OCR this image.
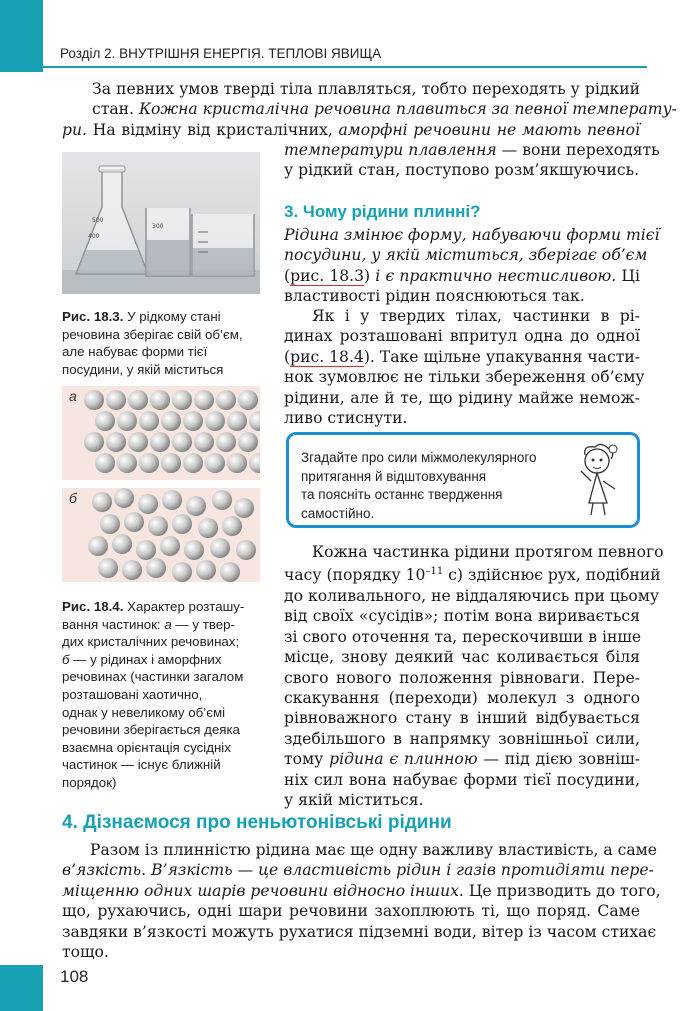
Розділ 2. ВНУТРІШНЯ ЕНЕРГІЯ. ТЕПЛОВІ ЯВИЩА
За певних умов тверді тіла плавляться, тобто переходять у рідкий
стан. Кожна кристалічна речовина плавиться за певної температу-
ри. На відміну від кристалічних, аморфні речовини не мають певної
температури плавлення — вони переходять
у рідкий стан, поступово розм’якшуючись.
500
400
300
Рис. 18.3. У рідкому стані
речовина зберігає свій об’єм,
але набуває форми тієї
посудини, у якій міститься
3. Чому рідини плинні?
Рідина змінює форму, набуваючи форми тієї
посудини, у якій міститься, зберігає об’єм
(рис. 18.3) і є практично нестисливою. Ці
властивості рідин пояснюються так.
Як і у твердих тілах, частинки в рі-
динах розташовані впритул одна до одної
(рис. 18.4). Таке щільне упакування части-
нок зумовлює не тільки збереження об’єму
рідини, але й те, що рідину майже немож-
ливо стиснути.
а
б
Рис. 18.4. Характер розташу-
вання частинок: а — у твер-
дих кристалічних речовинах;
б — у рідинах і аморфних
речовинах (частинки загалом
розташовані хаотично,
однак у невеликому об’ємі
речовини зберігається деяка
взаємна орієнтація сусідніх
частинок — існує ближній
порядок)
Згадайте про сили міжмолекулярного
притягання й відштовхування
та поясніть останнє твердження
самостійно.
Кожна частинка рідини протягом певного
часу (порядку $10^{-11}$ с) здійснює рух, подібний
до коливального, не віддаляючись при цьому
від своїх «сусідів»; потім вона виривається
зі свого оточення та, перескочивши в інше
місце, знову деякий час коливається біля
свого нового положення рівноваги. Пере-
скакування (переходи) молекул з одного
рівноважного стану в інший відбувається
здебільшого в напрямку зовнішньої сили,
тому рідина є плинною — під дією зовніш-
ніх сил вона набуває форми тієї посудини,
у якій міститься.
4. Дізнаємося про неньютонівські рідини
Разом із плинністю рідина має ще одну важливу властивість, а саме
в’язкість. В’язкість — це властивість рідин і газів протидіяти пере-
міщенню одних шарів речовини відносно інших. Це призводить до того,
що, рухаючись, одні шари речовини захоплюють ті, що поряд. Саме
завдяки в’язкості можуть рухатися підземні води, вітер із часом стихає
тощо.
108
